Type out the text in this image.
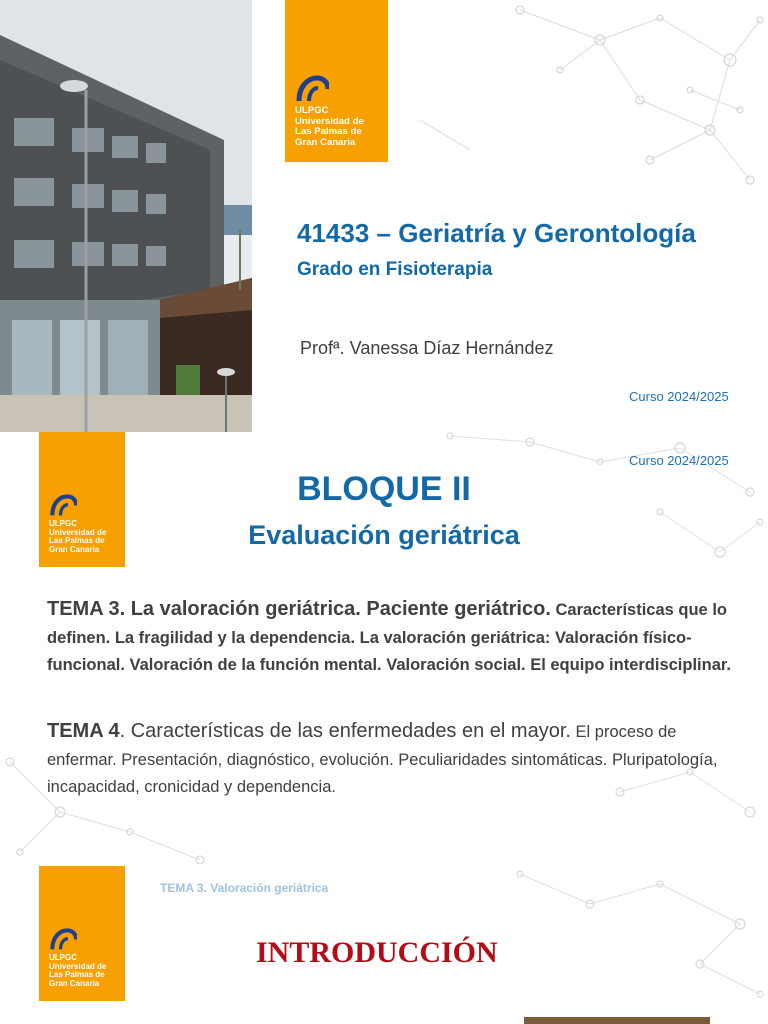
ULPGC
Universidad de
Las Palmas de
Gran Canaria
41433 – Geriatría y Gerontología
Grado en Fisioterapia
Profª. Vanessa Díaz Hernández
Curso 2024/2025
ULPGC
Universidad de
Las Palmas de
Gran Canaria
Curso 2024/2025
BLOQUE II
Evaluación geriátrica
TEMA 3. La valoración geriátrica. Paciente geriátrico. Características que lo definen. La fragilidad y la dependencia. La valoración geriátrica: Valoración físico-funcional. Valoración de la función mental. Valoración social. El equipo interdisciplinar.
TEMA 4. Características de las enfermedades en el mayor. El proceso de enfermar. Presentación, diagnóstico, evolución. Peculiaridades sintomáticas. Pluripatología, incapacidad, cronicidad y dependencia.
ULPGC
Universidad de
Las Palmas de
Gran Canaria
TEMA 3. Valoración geriátrica
INTRODUCCIÓN
